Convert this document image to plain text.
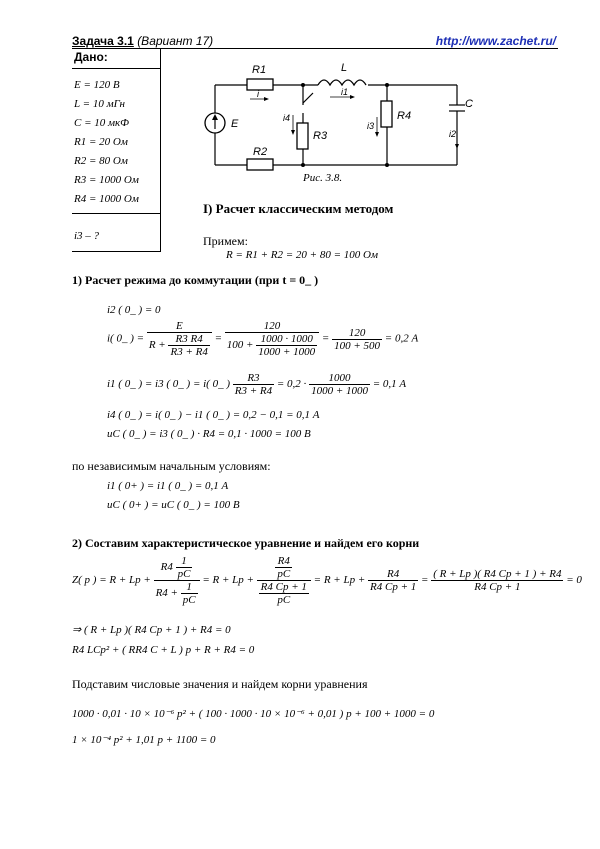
Задача 3.1 (Вариант 17)	http://www.zachet.ru/
Дано:
E = 120 В
L = 10 мГн
C = 10 мкФ
R1 = 20 Ом
R2 = 80 Ом
R3 = 1000 Ом
R4 = 1000 Ом
i3 – ?
R1
R2
R3
R4
L
C
E
i	i1
i2
i3
i4
Рис. 3.8.
I) Расчет классическим методом
Примем:
R = R1 + R2 = 20 + 80 = 100 Ом
1) Расчет режима до коммутации (при t = 0_ )
i2 ( 0_ ) = 0
i( 0_ ) = $\frac{E}{R + \frac{R3 R4}{R3 + R4}} = \frac{120}{100 + \frac{1000 \cdot 1000}{1000 + 1000}} = \frac{120}{100 + 500} = 0,2$ А
i1 ( 0_ ) = i3 ( 0_ ) = i( 0_ ) $\frac{R3}{R3 + R4} = 0,2 \cdot \frac{1000}{1000 + 1000} = 0,1$ А
i4 ( 0_ ) = i( 0_ ) − i1 ( 0_ ) = 0,2 − 0,1 = 0,1 А
uC ( 0_ ) = i3 ( 0_ ) · R4 = 0,1 · 1000 = 100 В
по независимым начальным условиям:
i1 ( 0+ ) = i1 ( 0_ ) = 0,1 А
uC ( 0+ ) = uC ( 0_ ) = 100 В
2) Составим характеристическое уравнение и найдем его корни
Z( p ) = $R + Lp + \frac{R4 \frac{1}{pC}}{R4 + \frac{1}{pC}} = R + Lp + \frac{\frac{R4}{pC}}{\frac{R4 Cp + 1}{pC}} = R + Lp + \frac{R4}{R4 Cp + 1} = \frac{( R + Lp )( R4 Cp + 1 ) + R4}{R4 Cp + 1} = 0$
⇒ ( R + Lp )( R4 Cp + 1 ) + R4 = 0
R4 LCp² + ( RR4 C + L ) p + R + R4 = 0
Подставим числовые значения и найдем корни уравнения
1000 · 0,01 · 10 × 10⁻⁶ p² + ( 100 · 1000 · 10 × 10⁻⁶ + 0,01 ) p + 100 + 1000 = 0
1 × 10⁻⁴ p² + 1,01 p + 1100 = 0
